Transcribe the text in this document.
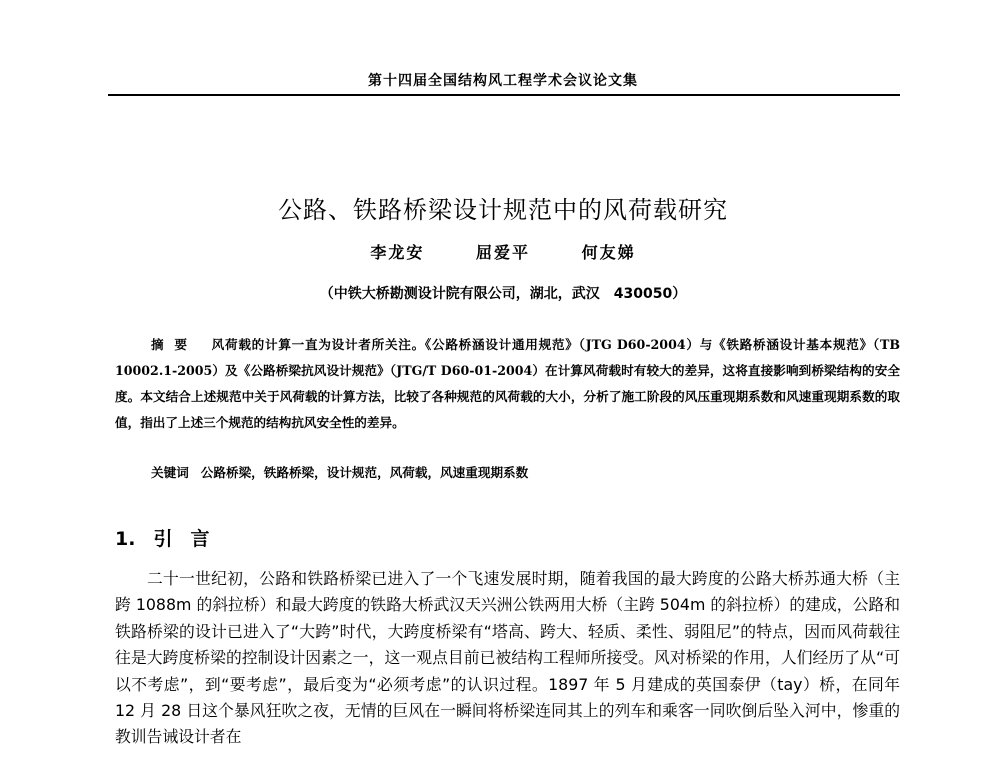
第十四届全国结构风工程学术会议论文集
公路、铁路桥梁设计规范中的风荷载研究
李龙安	屈爱平	何友娣
（中铁大桥勘测设计院有限公司，湖北，武汉　430050）
摘要 风荷载的计算一直为设计者所关注。《公路桥涵设计通用规范》（JTG D60-2004）与《铁路桥涵设计基本规范》（TB 10002.1-2005）及《公路桥梁抗风设计规范》（JTG/T D60-01-2004）在计算风荷载时有较大的差异，这将直接影响到桥梁结构的安全度。本文结合上述规范中关于风荷载的计算方法，比较了各种规范的风荷载的大小，分析了施工阶段的风压重现期系数和风速重现期系数的取值，指出了上述三个规范的结构抗风安全性的差异。
关键词 公路桥梁，铁路桥梁，设计规范，风荷载，风速重现期系数
1. 引言
二十一世纪初，公路和铁路桥梁已进入了一个飞速发展时期，随着我国的最大跨度的公路大桥苏通大桥（主跨 1088m 的斜拉桥）和最大跨度的铁路大桥武汉天兴洲公铁两用大桥（主跨 504m 的斜拉桥）的建成，公路和铁路桥梁的设计已进入了“大跨”时代，大跨度桥梁有“塔高、跨大、轻质、柔性、弱阻尼”的特点，因而风荷载往往是大跨度桥梁的控制设计因素之一，这一观点目前已被结构工程师所接受。风对桥梁的作用，人们经历了从“可以不考虑”，到“要考虑”，最后变为“必须考虑”的认识过程。1897 年 5 月建成的英国泰伊（tay）桥，在同年 12 月 28 日这个暴风狂吹之夜，无情的巨风在一瞬间将桥梁连同其上的列车和乘客一同吹倒后坠入河中，惨重的教训告诫设计者在
